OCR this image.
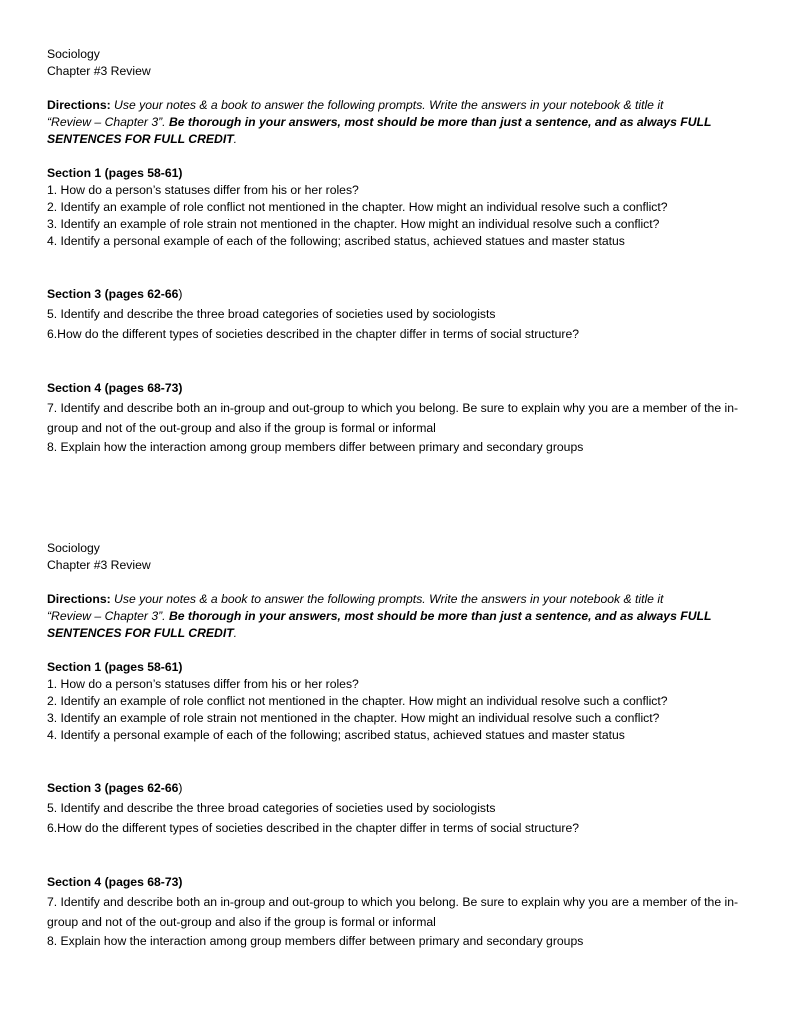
Sociology

Chapter #3 Review

Directions: Use your notes & a book to answer the following prompts. Write the answers in your notebook & title it
“Review – Chapter 3”. Be thorough in your answers, most should be more than just a sentence, and as always FULL SENTENCES FOR FULL CREDIT.

Section 1 (pages 58-61)

1. How do a person’s statuses differ from his or her roles?

2. Identify an example of role conflict not mentioned in the chapter. How might an individual resolve such a conflict?

3. Identify an example of role strain not mentioned in the chapter. How might an individual resolve such a conflict?

4. Identify a personal example of each of the following; ascribed status, achieved statues and master status

Section 3 (pages 62-66)

5. Identify and describe the three broad categories of societies used by sociologists

6.How do the different types of societies described in the chapter differ in terms of social structure?

Section 4 (pages 68-73)

7. Identify and describe both an in-group and out-group to which you belong. Be sure to explain why you are a member of the in- group and not of the out-group and also if the group is formal or informal

8. Explain how the interaction among group members differ between primary and secondary groups

Sociology

Chapter #3 Review

Directions: Use your notes & a book to answer the following prompts. Write the answers in your notebook & title it
“Review – Chapter 3”. Be thorough in your answers, most should be more than just a sentence, and as always FULL SENTENCES FOR FULL CREDIT.

Section 1 (pages 58-61)

1. How do a person’s statuses differ from his or her roles?

2. Identify an example of role conflict not mentioned in the chapter. How might an individual resolve such a conflict?

3. Identify an example of role strain not mentioned in the chapter. How might an individual resolve such a conflict?

4. Identify a personal example of each of the following; ascribed status, achieved statues and master status

Section 3 (pages 62-66)

5. Identify and describe the three broad categories of societies used by sociologists

6.How do the different types of societies described in the chapter differ in terms of social structure?

Section 4 (pages 68-73)

7. Identify and describe both an in-group and out-group to which you belong. Be sure to explain why you are a member of the in- group and not of the out-group and also if the group is formal or informal

8. Explain how the interaction among group members differ between primary and secondary groups
